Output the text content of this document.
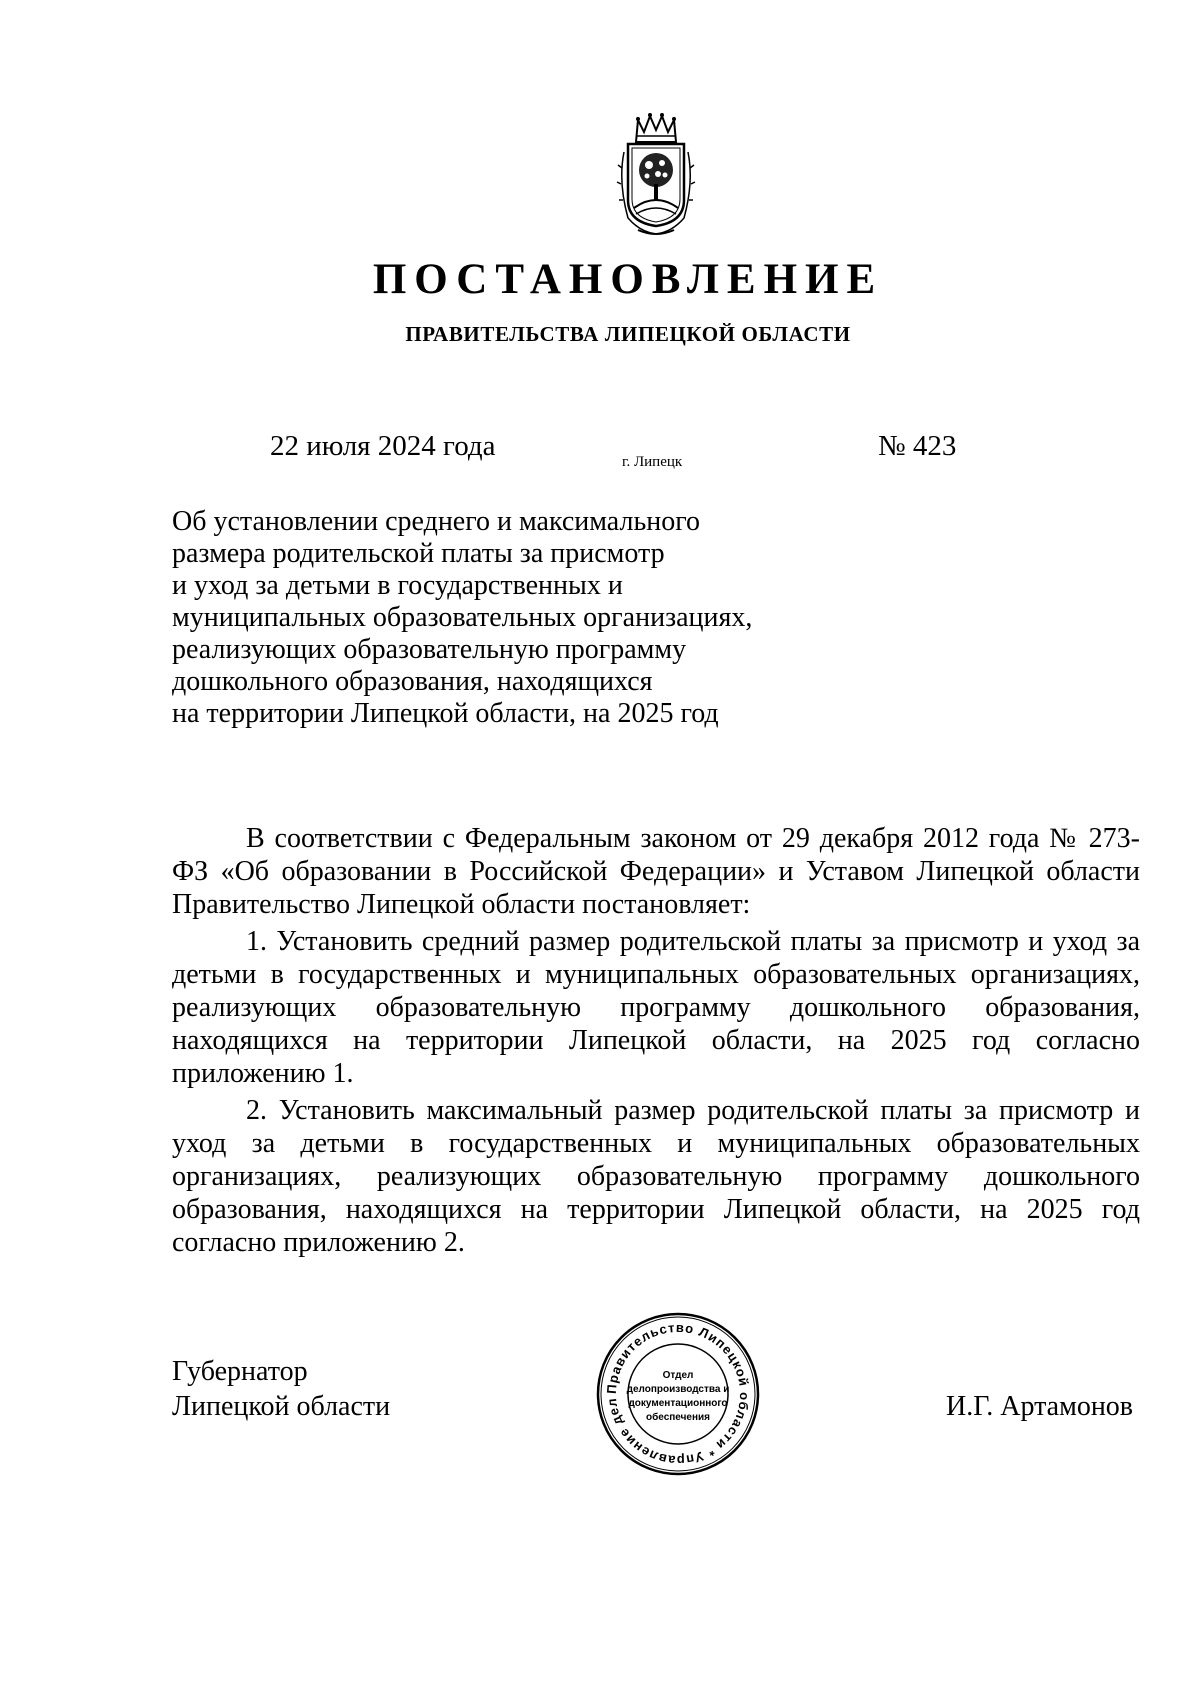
ПОСТАНОВЛЕНИЕ
ПРАВИТЕЛЬСТВА ЛИПЕЦКОЙ ОБЛАСТИ
22 июля 2024 года	г. Липецк	№ 423
Об установлении среднего и максимального
размера родительской платы за присмотр
и уход за детьми в государственных и
муниципальных образовательных организациях,
реализующих образовательную программу
дошкольного образования, находящихся
на территории Липецкой области, на 2025 год

В соответствии с Федеральным законом от 29 декабря 2012 года № 273-ФЗ «Об образовании в Российской Федерации» и Уставом Липецкой области Правительство Липецкой области постановляет:

1. Установить средний размер родительской платы за присмотр и уход за детьми в государственных и муниципальных образовательных организациях, реализующих образовательную программу дошкольного образования, находящихся на территории Липецкой области, на 2025 год согласно приложению 1.

2. Установить максимальный размер родительской платы за присмотр и уход за детьми в государственных и муниципальных образовательных организациях, реализующих образовательную программу дошкольного образования, находящихся на территории Липецкой области, на 2025 год согласно приложению 2.

Губернатор
Липецкой области
Правительство Липецкой области * Управление дел
Отдел
делопроизводства и
документационного
обеспечения	И.Г. Артамонов
